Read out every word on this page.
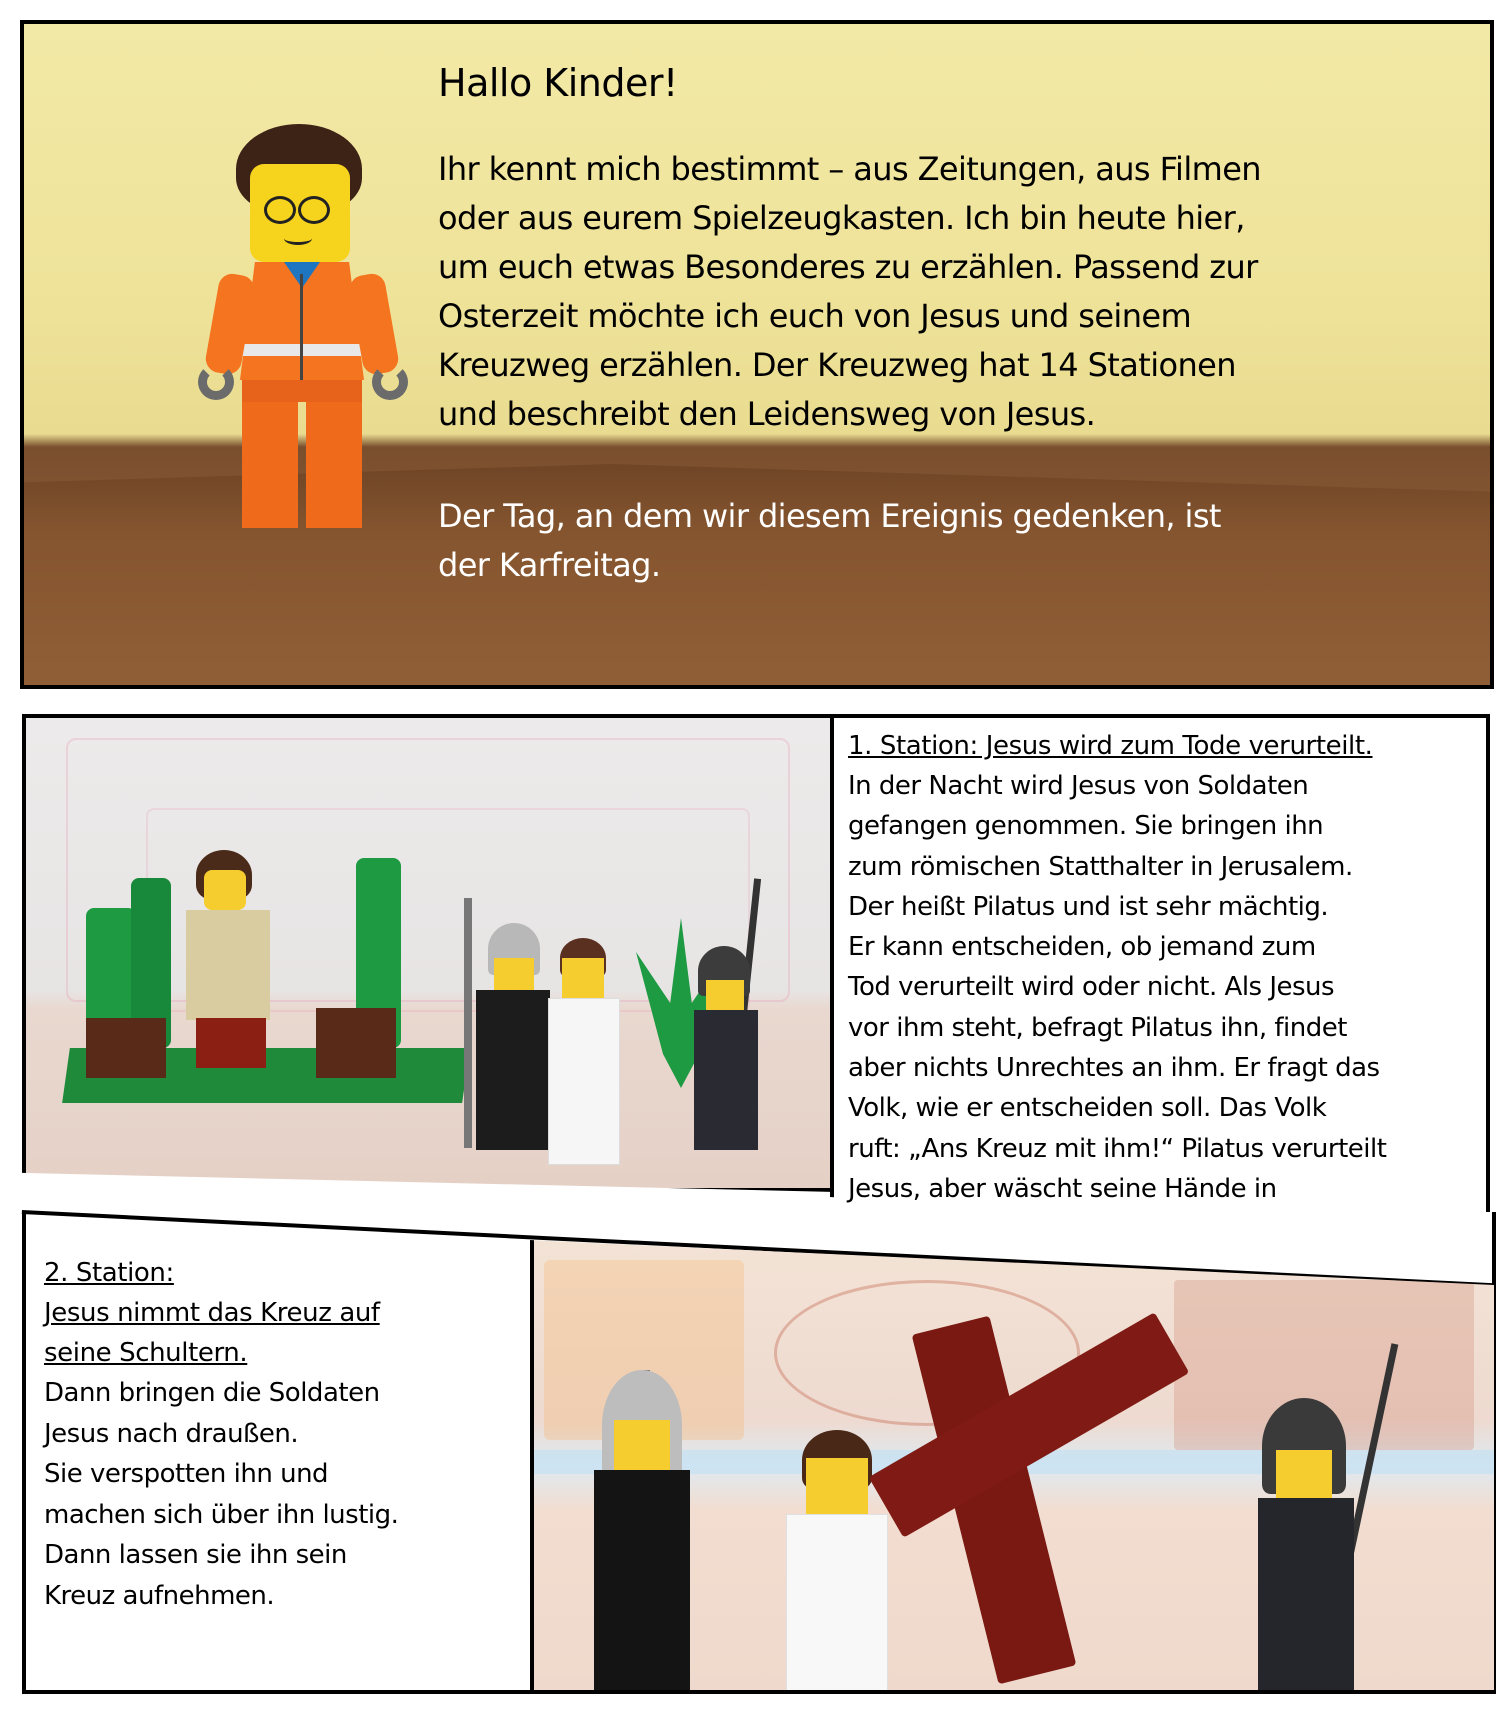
Hallo Kinder!
Ihr kennt mich bestimmt – aus Zeitungen, aus Filmen
oder aus eurem Spielzeugkasten. Ich bin heute hier,
um euch etwas Besonderes zu erzählen. Passend zur
Osterzeit möchte ich euch von Jesus und seinem
Kreuzweg erzählen. Der Kreuzweg hat 14 Stationen
und beschreibt den Leidensweg von Jesus.
Der Tag, an dem wir diesem Ereignis gedenken, ist
der Karfreitag.
1. Station: Jesus wird zum Tode verurteilt.
In der Nacht wird Jesus von Soldaten
gefangen genommen. Sie bringen ihn
zum römischen Statthalter in Jerusalem.
Der heißt Pilatus und ist sehr mächtig.
Er kann entscheiden, ob jemand zum
Tod verurteilt wird oder nicht. Als Jesus
vor ihm steht, befragt Pilatus ihn, findet
aber nichts Unrechtes an ihm. Er fragt das
Volk, wie er entscheiden soll. Das Volk
ruft: „Ans Kreuz mit ihm!“ Pilatus verurteilt
Jesus, aber wäscht seine Hände in
2. Station:
Jesus nimmt das Kreuz auf
seine Schultern.
Dann bringen die Soldaten
Jesus nach draußen.
Sie verspotten ihn und
machen sich über ihn lustig.
Dann lassen sie ihn sein
Kreuz aufnehmen.
